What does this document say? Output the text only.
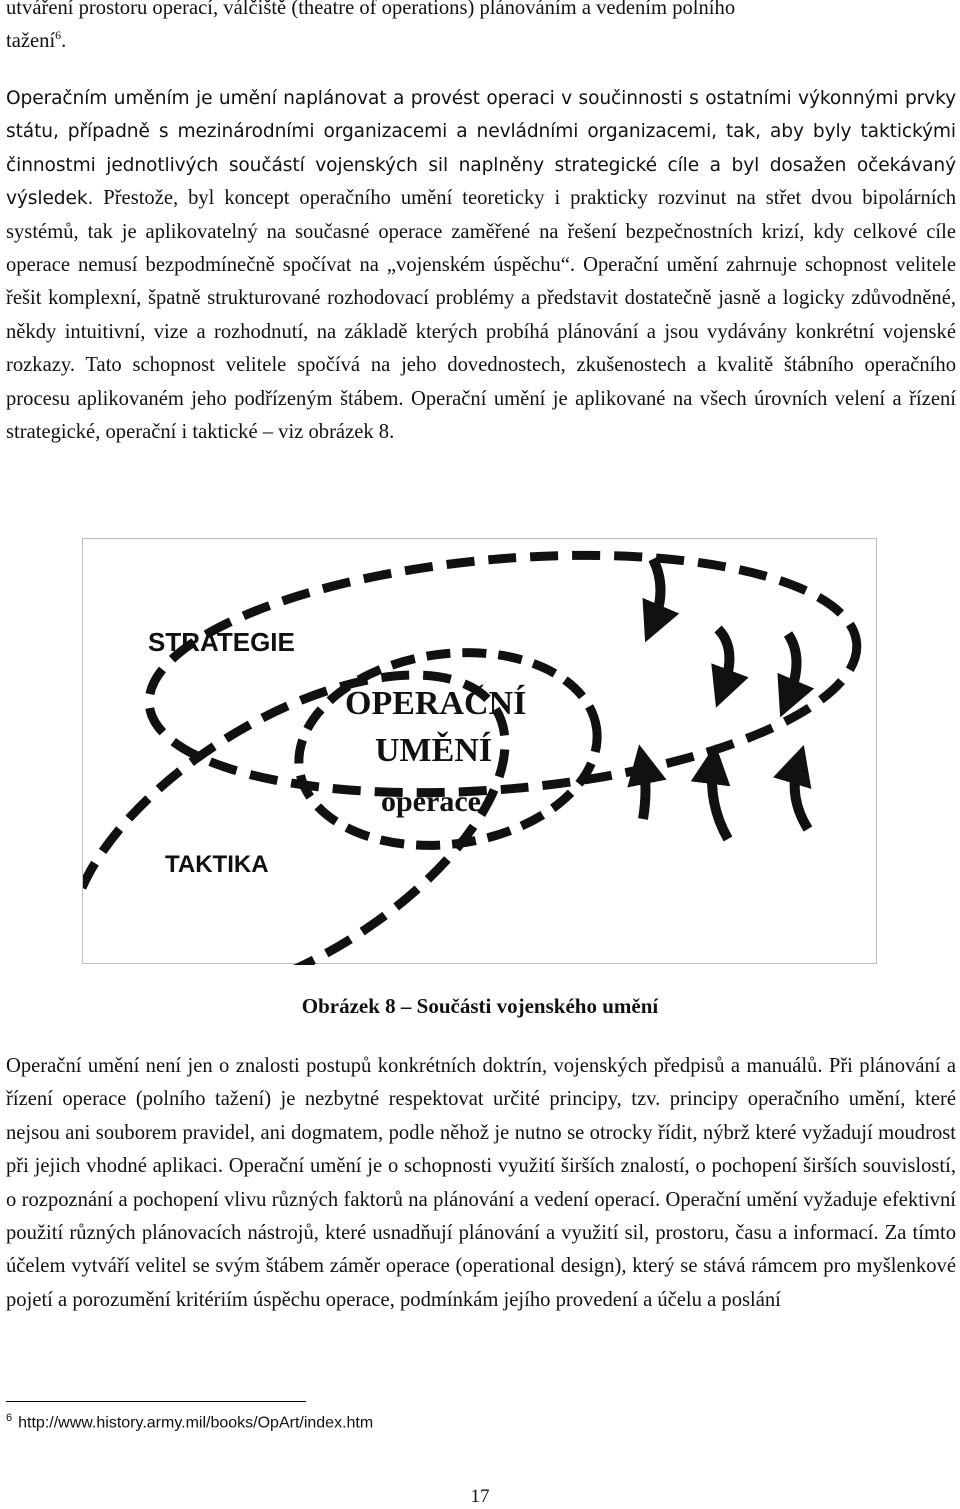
utváření prostoru operací, válčiště (theatre of operations) plánováním a vedením polního
tažení$^6$.

Operačním uměním je umění naplánovat a provést operaci v součinnosti s ostatními výkonnými prvky státu, případně s mezinárodními organizacemi a nevládními organizacemi, tak, aby byly taktickými činnostmi jednotlivých součástí vojenských sil naplněny strategické cíle a byl dosažen očekávaný výsledek. Přestože, byl koncept operačního umění teoreticky i prakticky rozvinut na střet dvou bipolárních systémů, tak je aplikovatelný na současné operace zaměřené na řešení bezpečnostních krizí, kdy celkové cíle operace nemusí bezpodmínečně spočívat na „vojenském úspěchu“. Operační umění zahrnuje schopnost velitele řešit komplexní, špatně strukturované rozhodovací problémy a představit dostatečně jasně a logicky zdůvodněné, někdy intuitivní, vize a rozhodnutí, na základě kterých probíhá plánování a jsou vydávány konkrétní vojenské rozkazy. Tato schopnost velitele spočívá na jeho dovednostech, zkušenostech a kvalitě štábního operačního procesu aplikovaném jeho podřízeným štábem. Operační umění je aplikované na všech úrovních velení a řízení strategické, operační i taktické – viz obrázek 8.

STRATEGIE
OPERAČNÍ
UMĚNÍ
operace
TAKTIKA
Obrázek 8 – Součásti vojenského umění

Operační umění není jen o znalosti postupů konkrétních doktrín, vojenských předpisů a manuálů. Při plánování a řízení operace (polního tažení) je nezbytné respektovat určité principy, tzv. principy operačního umění, které nejsou ani souborem pravidel, ani dogmatem, podle něhož je nutno se otrocky řídit, nýbrž které vyžadují moudrost při jejich vhodné aplikaci. Operační umění je o schopnosti využití širších znalostí, o pochopení širších souvislostí, o rozpoznání a pochopení vlivu různých faktorů na plánování a vedení operací. Operační umění vyžaduje efektivní použití různých plánovacích nástrojů, které usnadňují plánování a využití sil, prostoru, času a informací. Za tímto účelem vytváří velitel se svým štábem záměr operace (operational design), který se stává rámcem pro myšlenkové pojetí a porozumění kritériím úspěchu operace, podmínkám jejího provedení a účelu a poslání

$^6$ http://www.history.army.mil/books/OpArt/index.htm
17
